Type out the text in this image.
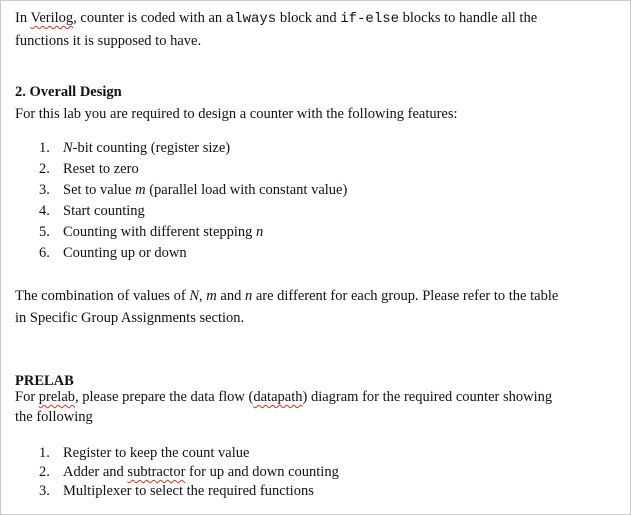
In Verilog, counter is coded with an always block and if-else blocks to handle all the
functions it is supposed to have.
2. Overall Design
For this lab you are required to design a counter with the following features:
1. N-bit counting (register size)
2. Reset to zero
3. Set to value m (parallel load with constant value)
4. Start counting
5. Counting with different stepping n
6. Counting up or down
The combination of values of N, m and n are different for each group. Please refer to the table
in Specific Group Assignments section.
PRELAB
For prelab, please prepare the data flow (datapath) diagram for the required counter showing
the following
1. Register to keep the count value
2. Adder and subtractor for up and down counting
3. Multiplexer to select the required functions
